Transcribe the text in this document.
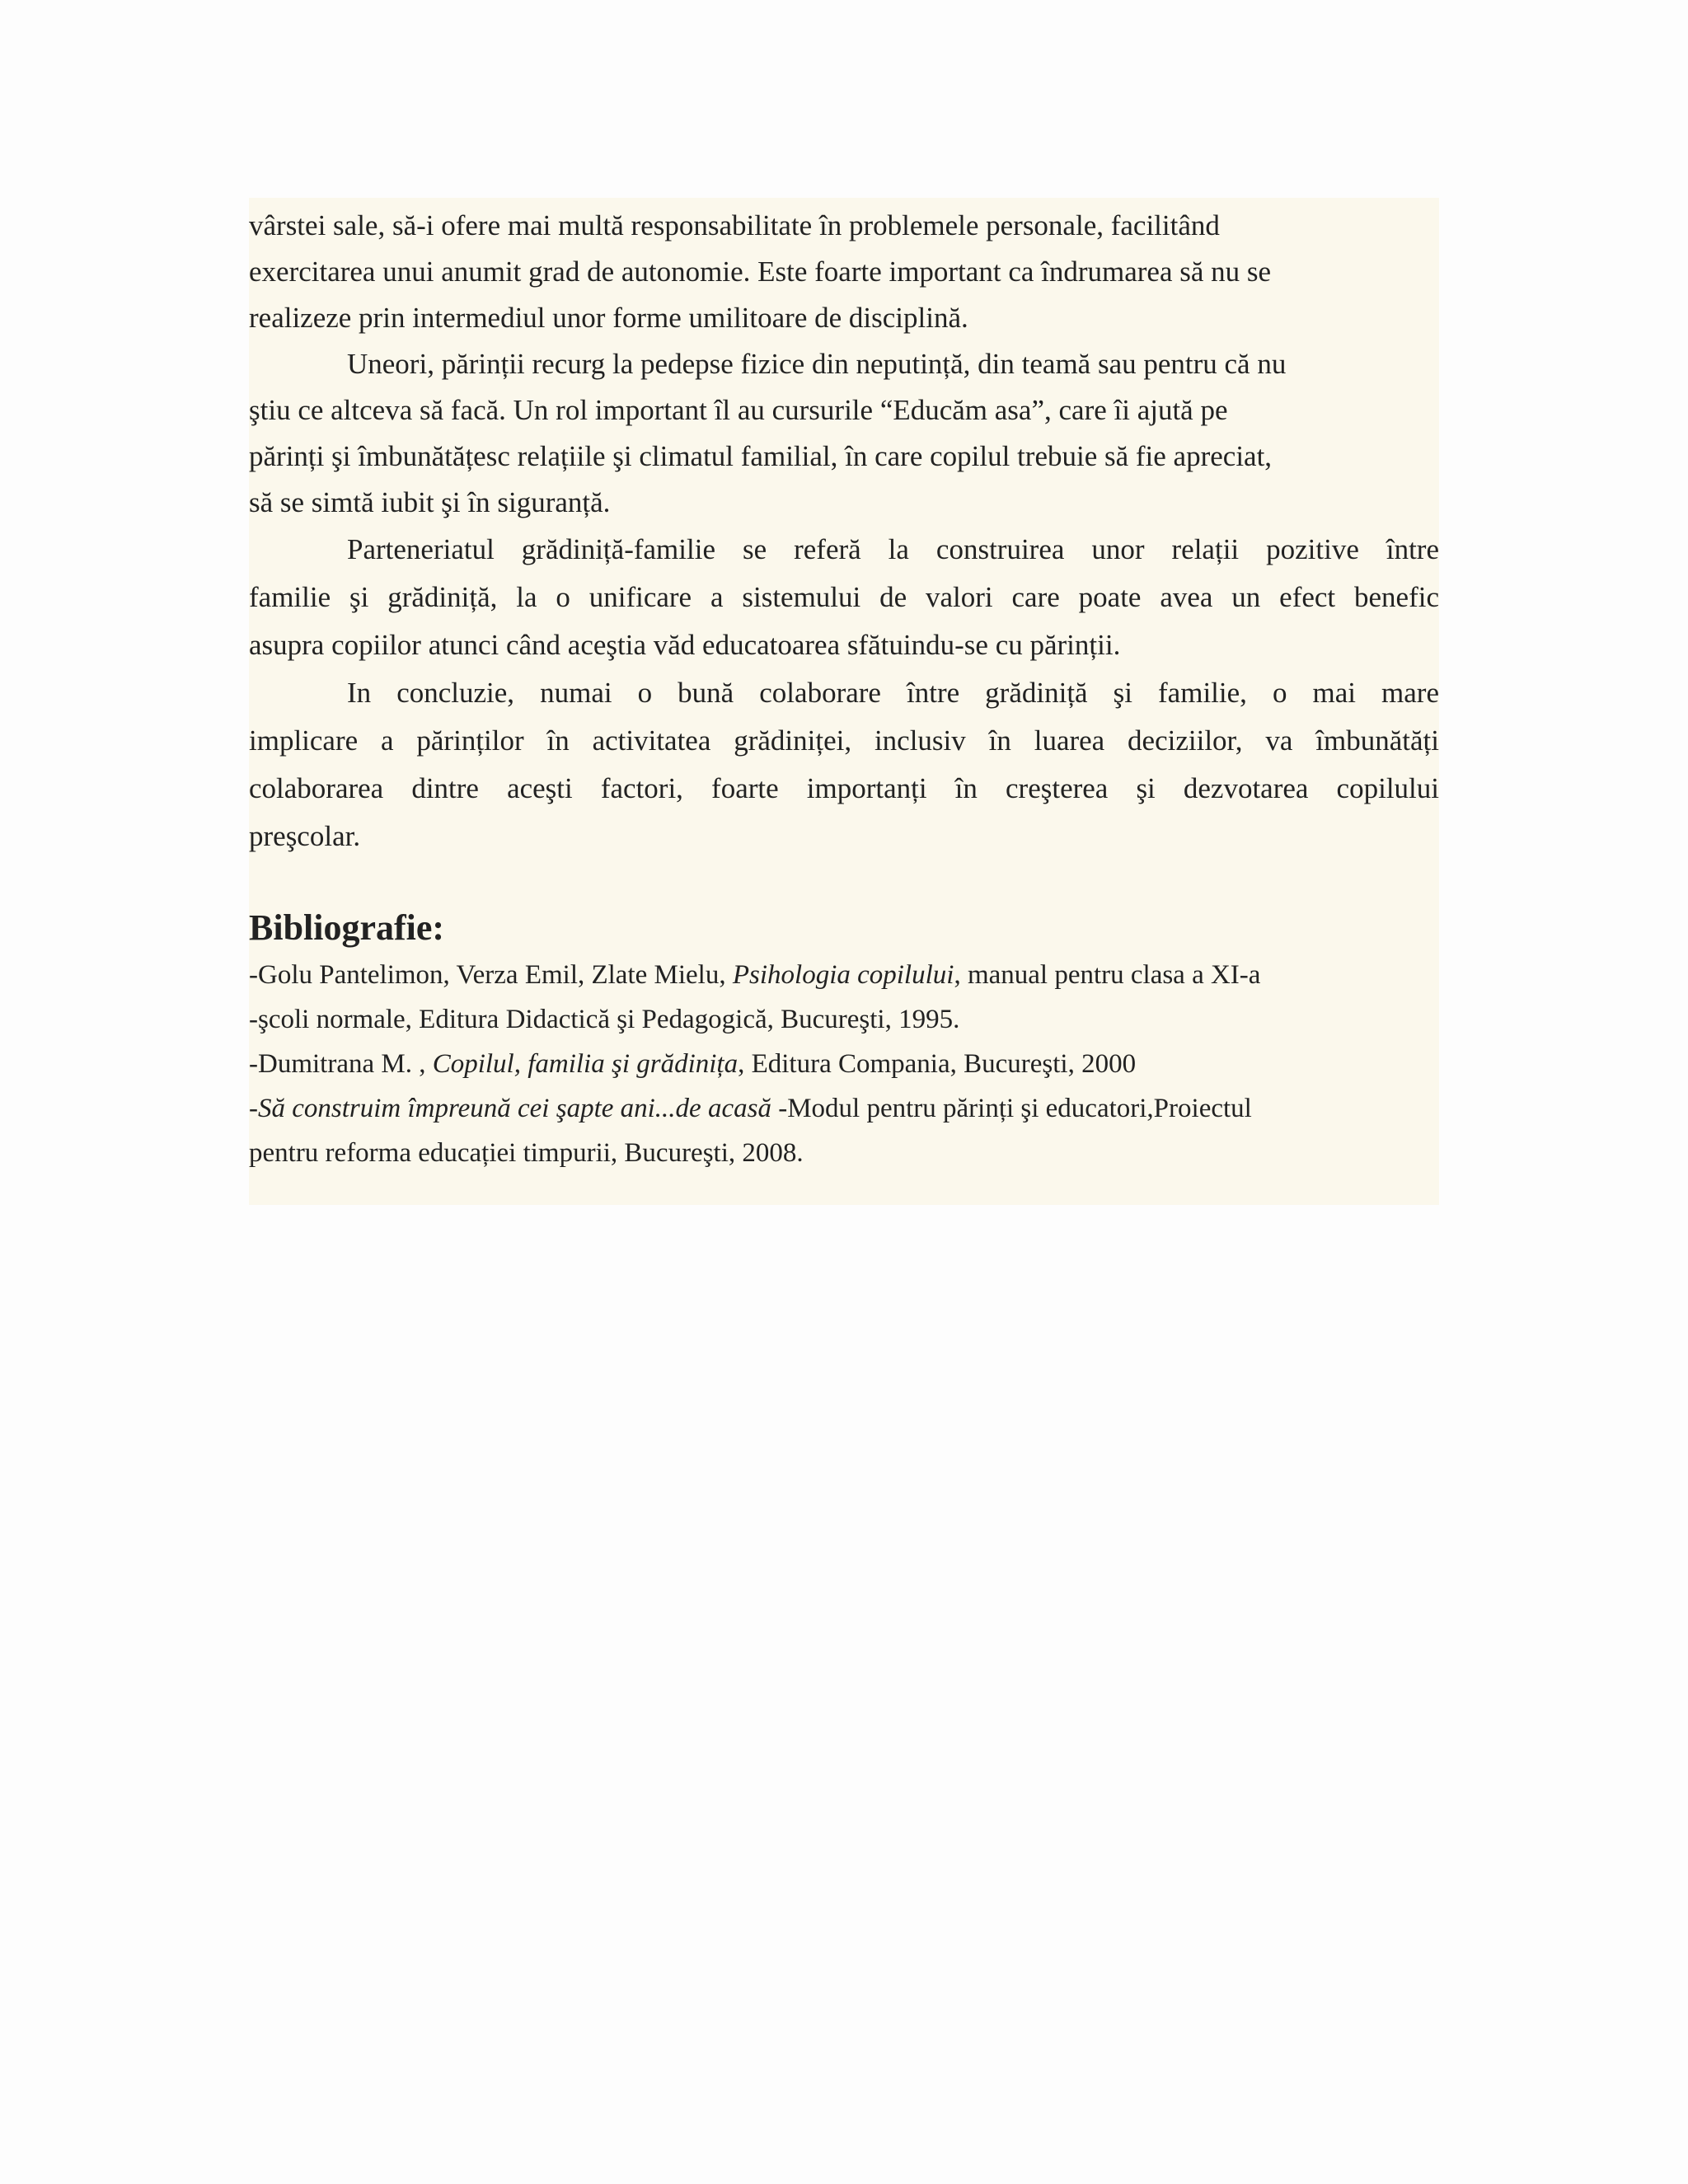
vârstei sale, să-i ofere mai multă responsabilitate în problemele personale, facilitând
exercitarea unui anumit grad de autonomie. Este foarte important ca îndrumarea să nu se
realizeze prin intermediul unor forme umilitoare de disciplină.

Uneori, părinții recurg la pedepse fizice din neputință, din teamă sau pentru că nu
ştiu ce altceva să facă. Un rol important îl au cursurile “Educăm asa”, care îi ajută pe
părinți şi îmbunătățesc relațiile şi climatul familial, în care copilul trebuie să fie apreciat,
să se simtă iubit şi în siguranță.

Parteneriatul grădiniță-familie se referă la construirea unor relații pozitive între
familie şi grădiniță, la o unificare a sistemului de valori care poate avea un efect benefic
asupra copiilor atunci când aceştia văd educatoarea sfătuindu-se cu părinții.

In concluzie, numai o bună colaborare între grădiniță şi familie, o mai mare
implicare a părinților în activitatea grădiniței, inclusiv în luarea deciziilor, va îmbunătăți
colaborarea dintre aceşti factori, foarte importanți în creşterea şi dezvotarea copilului
preşcolar.

Bibliografie:

-Golu Pantelimon, Verza Emil, Zlate Mielu, Psihologia copilului, manual pentru clasa a XI-a
-şcoli normale, Editura Didactică şi Pedagogică, Bucureşti, 1995.

-Dumitrana M. , Copilul, familia şi grădinița, Editura Compania, Bucureşti, 2000

-Să construim împreună cei şapte ani...de acasă -Modul pentru părinți şi educatori,Proiectul
pentru reforma educației timpurii, Bucureşti, 2008.
